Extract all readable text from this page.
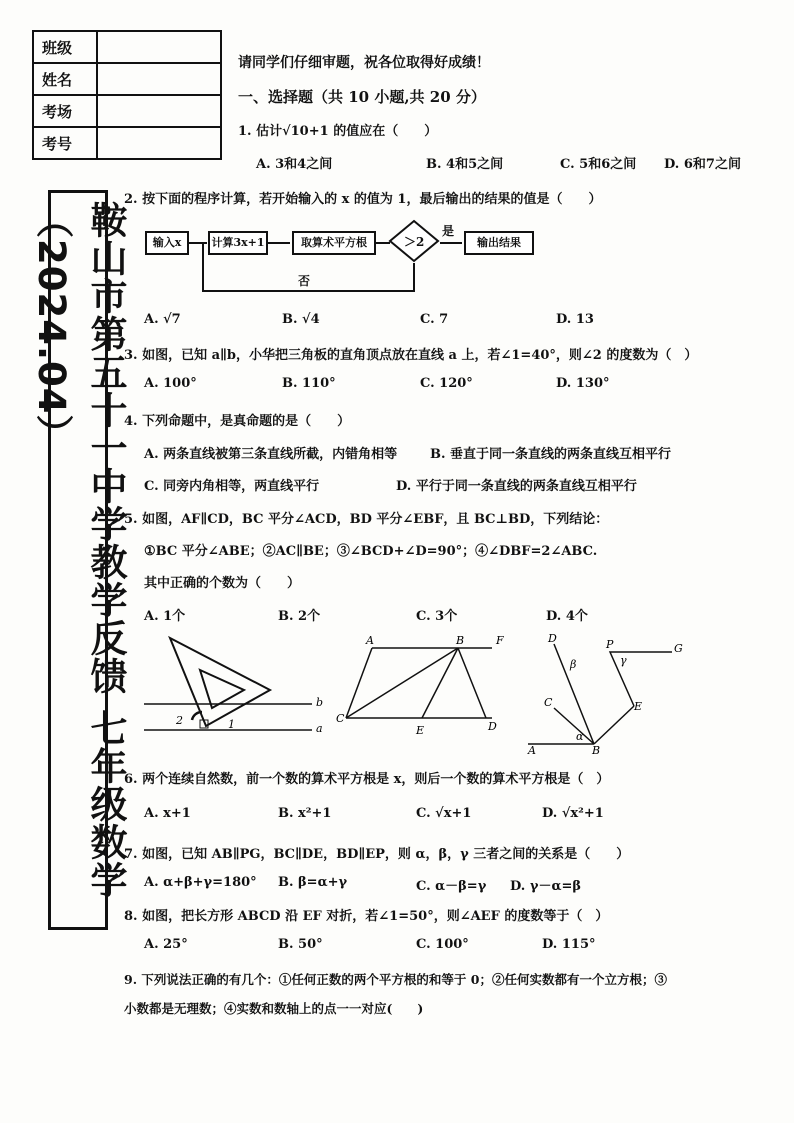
班级	
姓名	
考场	
考号	
鞍山市第五十一中学教学反馈 七年级数学（2024.04）
请同学们仔细审题，祝各位取得好成绩！
一、选择题（共 10 小题,共 20 分）
1. 估计√10+1 的值应在（　　）
A. 3和4之间	B. 4和5之间	C. 5和6之间 D. 6和7之间
2. 按下面的程序计算，若开始输入的 x 的值为 1，最后输出的结果的值是（　　）
输入x	计算3x+1	取算术平方根	＞2
是
输出结果
否
A. √7	B. √4	C. 7	D. 13
3. 如图，已知 a∥b，小华把三角板的直角顶点放在直线 a 上，若∠1=40°，则∠2 的度数为（　）
A. 100°	B. 110°	C. 120°	D. 130°
4. 下列命题中，是真命题的是（　　）
A. 两条直线被第三条直线所截，内错角相等	B. 垂直于同一条直线的两条直线互相平行
C. 同旁内角相等，两直线平行	D. 平行于同一条直线的两条直线互相平行
5. 如图，AF∥CD，BC 平分∠ACD，BD 平分∠EBF，且 BC⊥BD，下列结论：
①BC 平分∠ABE；②AC∥BE；③∠BCD+∠D=90°；④∠DBF=2∠ABC.
其中正确的个数为（　　）
A. 1个	B. 2个	C. 3个	D. 4个
2	1
b
a
A	B	F
C
E	D
D
β
P
γ
G
C	E
A
α
B
6. 两个连续自然数，前一个数的算术平方根是 x，则后一个数的算术平方根是（　）
A. x+1	B. x²+1	C. √x+1	D. √x²+1
7. 如图，已知 AB∥PG，BC∥DE，BD∥EP，则 α，β，γ 三者之间的关系是（　　）
A. α+β+γ=180° B. β=α+γ	C. α－β=γ D. γ－α=β
8. 如图，把长方形 ABCD 沿 EF 对折，若∠1=50°，则∠AEF 的度数等于（　）
A. 25°	B. 50°	C. 100°	D. 115°
9. 下列说法正确的有几个：①任何正数的两个平方根的和等于 0；②任何实数都有一个立方根；③
小数都是无理数；④实数和数轴上的点一一对应(　　)
